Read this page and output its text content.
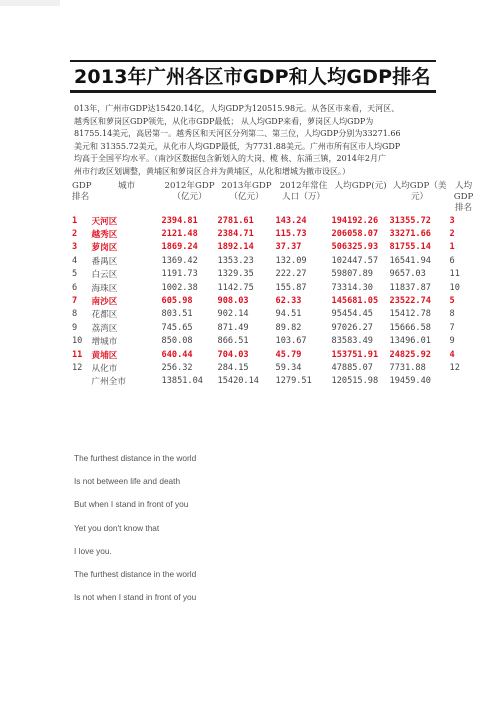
2013年广州各区市GDP和人均GDP排名

013年，广州市GDP达15420.14亿，人均GDP为120515.98元。从各区市来看，天河区、

越秀区和萝岗区GDP领先，从化市GDP最低； 从人均GDP来看，萝岗区人均GDP为

81755.14美元，高居第一。越秀区和天河区分列第二、第三位，人均GDP分别为33271.66

美元和 31355.72美元，从化市人均GDP最低，为7731.88美元。广州市所有区市人均GDP

均高于全国平均水平。（南沙区数据包含新划入的大岗、榄 核、东涌三镇，2014年2月广

州市行政区划调整，黄埔区和萝岗区合并为黄埔区，从化和增城为撤市设区。）

GDP排名	城市	2012年GDP（亿元）	2013年GDP（亿元）	2012年常住人口（万）	人均GDP(元)	人均GDP（美元）	人均GDP排名
1	天河区	2394.81	2781.61	143.24	194192.26	31355.72	3
2	越秀区	2121.48	2384.71	115.73	206058.07	33271.66	2
3	萝岗区	1869.24	1892.14	37.37	506325.93	81755.14	1
4	番禺区	1369.42	1353.23	132.09	102447.57	16541.94	6
5	白云区	1191.73	1329.35	222.27	59807.89	9657.03	11
6	海珠区	1002.38	1142.75	155.87	73314.30	11837.87	10
7	南沙区	605.98	908.03	62.33	145681.05	23522.74	5
8	花都区	803.51	902.14	94.51	95454.45	15412.78	8
9	荔湾区	745.65	871.49	89.82	97026.27	15666.58	7
10	增城市	850.08	866.51	103.67	83583.49	13496.01	9
11	黄埔区	640.44	704.03	45.79	153751.91	24825.92	4
12	从化市	256.32	284.15	59.34	47885.07	7731.88	12
	广州全市	13851.04	15420.14	1279.51	120515.98	19459.40	
The furthest distance in the world
Is not between life and death
But when I stand in front of you
Yet you don't know that
I love you.
The furthest distance in the world
Is not when I stand in front of you
